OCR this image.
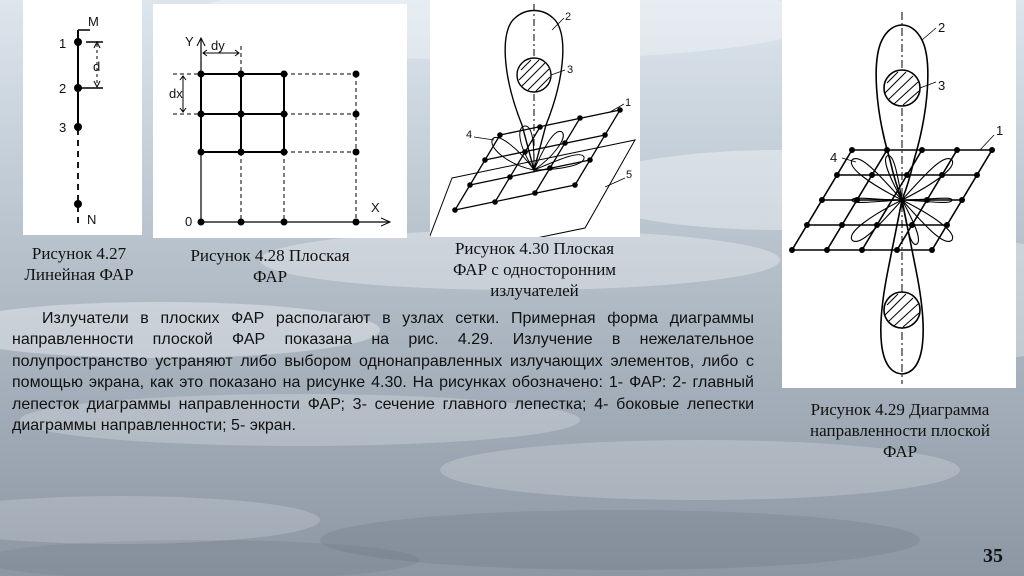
M
N
d
1
2
3
Y
X
dy
dx
0
2
3
1
4
5
2
3
1
4
Рисунок 4.27
Линейная ФАР
Рисунок 4.28 Плоская
ФАР
Рисунок 4.30 Плоская
ФАР с односторонним
излучателей
Рисунок 4.29 Диаграмма
направленности плоской
ФАР

Излучатели в плоских ФАР располагают в узлах сетки. Примерная форма диаграммы направленности плоской ФАР показана на рис. 4.29. Излучение в нежелательное полупространство устраняют либо выбором однонаправленных излучающих элементов, либо с помощью экрана, как это показано на рисунке 4.30. На рисунках обозначено: 1- ФАР: 2- главный лепесток диаграммы направленности ФАР; 3- сечение главного лепестка; 4- боковые лепестки диаграммы направленности; 5- экран.

35
